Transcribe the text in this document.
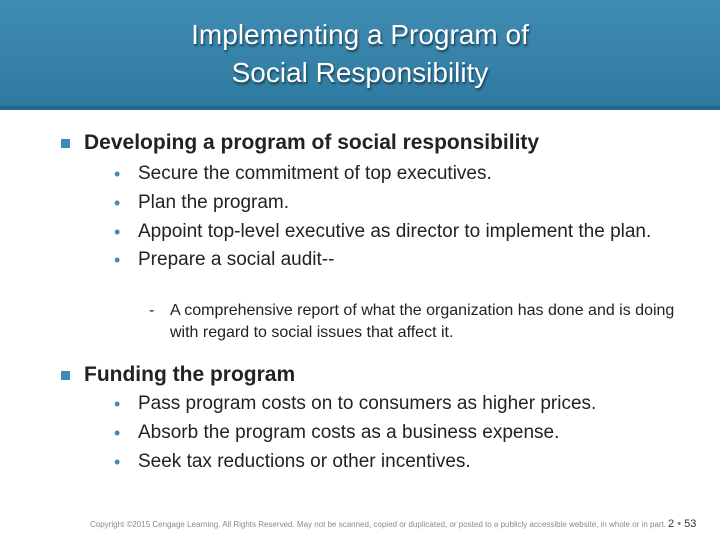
Implementing a Program of
Social Responsibility
Developing a program of social responsibility
• Secure the commitment of top executives.
• Plan the program.
• Appoint top-level executive as director to implement the plan.
• Prepare a social audit--
- A comprehensive report of what the organization has done and is doing with regard to social issues that affect it.
Funding the program
• Pass program costs on to consumers as higher prices.
• Absorb the program costs as a business expense.
• Seek tax reductions or other incentives.
Copyright ©2015 Cengage Learning. All Rights Reserved. May not be scanned, copied or duplicated, or posted to a publicly accessible website, in whole or in part. 2 • 53
